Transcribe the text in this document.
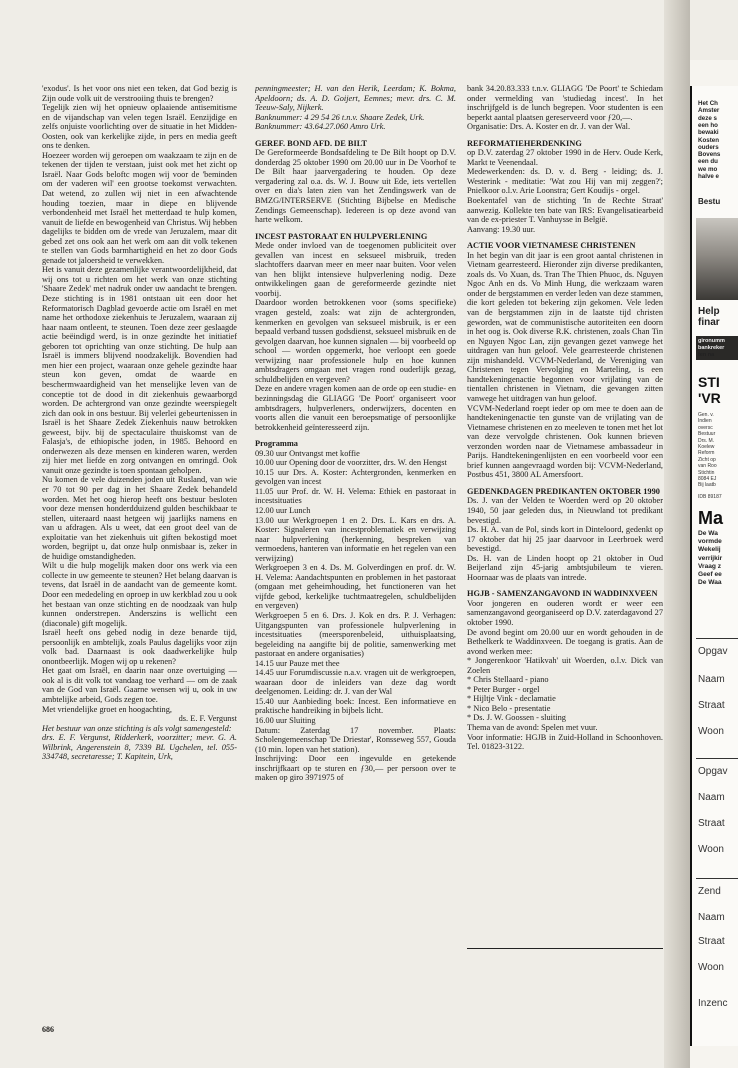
'exodus'. Is het voor ons niet een teken, dat God bezig is Zijn oude volk uit de verstrooiing thuis te brengen?

Tegelijk zien wij het opnieuw oplaaiende antisemitisme en de vijandschap van velen tegen Israël. Eenzijdige en zelfs onjuiste voorlichting over de situatie in het Midden-Oosten, ook van kerkelijke zijde, in pers en media geeft ons te denken.

Hoezeer worden wij geroepen om waakzaam te zijn en de tekenen der tijden te verstaan, juist ook met het zicht op Israël. Naar Gods beloftc mogen wij voor de 'beminden om der vaderen wil' een grootse toekomst verwachten. Dat wetend, zo zullen wij niet in een afwachtende houding toezien, maar in diepe en blijvende verbondenheid met Israël het metterdaad te hulp komen, vanuit de liefde en bewogenheid van Christus. Wij hebben dagelijks te bidden om de vrede van Jeruzalem, maar dit gebed zet ons ook aan het werk om aan dit volk tekenen te stellen van Gods barmhartigheid en het zo door Gods genade tot jaloersheid te verwekken.

Het is vanuit deze gezamenlijke verantwoordelijkheid, dat wij ons tot u richten om het werk van onze stichting 'Shaare Zedek' met nadruk onder uw aandacht te brengen. Deze stichting is in 1981 ontstaan uit een door het Reformatorisch Dagblad gevoerde actie om Israël en met name het orthodoxe ziekenhuis te Jeruzalem, waaraan zij haar naam ontleent, te steunen. Toen deze zeer geslaagde actie beëindigd werd, is in onze gezindte het initiatief geboren tot oprichting van onze stichting. De hulp aan Israël is immers blijvend noodzakelijk. Bovendien had men hier een project, waaraan onze gehele gezindte haar steun kon geven, omdat de waarde en beschermwaardigheid van het menselijke leven van de conceptie tot de dood in dit ziekenhuis gewaarborgd worden. De achtergrond van onze gezindte weerspiegelt zich dan ook in ons bestuur. Bij velerlei gebeurtenissen in Israël is het Shaare Zedek Ziekenhuis nauw betrokken geweest, bijv. bij de spectaculaire thuiskomst van de Falasja's, de ethiopische joden, in 1985. Behoord en onderwezen als deze mensen en kinderen waren, werden zij hier met liefde en zorg ontvangen en omringd. Ook vanuit onze gezindte is toen spontaan geholpen.

Nu komen de vele duizenden joden uit Rusland, van wie er 70 tot 90 per dag in het Shaare Zedek behandeld worden. Met het oog hierop heeft ons bestuur besloten voor deze mensen honderdduizend gulden beschikbaar te stellen, uiteraard naast hetgeen wij jaarlijks namens en van u afdragen. Als u weet, dat een groot deel van de exploitatie van het ziekenhuis uit giften bekostigd moet worden, begrijpt u, dat onze hulp onmisbaar is, zeker in de huidige omstandigheden.

Wilt u die hulp mogelijk maken door ons werk via een collecte in uw gemeente te steunen? Het belang daarvan is tevens, dat Israël in de aandacht van de gemeente komt. Door een mededeling en oproep in uw kerkblad zou u ook het bestaan van onze stichting en de noodzaak van hulp kunnen onderstrepen. Anderszins is wellicht een (diaconale) gift mogelijk.

Israël heeft ons gebed nodig in deze benarde tijd, persoonlijk en ambtelijk, zoals Paulus dagelijks voor zijn volk bad. Daarnaast is ook daadwerkelijke hulp onontbeerlijk. Mogen wij op u rekenen?

Het gaat om Israël, en daarin naar onze overtuiging — ook al is dit volk tot vandaag toe verhard — om de zaak van de God van Israël. Gaarne wensen wij u, ook in uw ambtelijke arbeid, Gods zegen toe.

Met vriendelijke groet en hoogachting,

ds. E. F. Vergunst

Het bestuur van onze stichting is als volgt samengesteld:

drs. E. F. Vergunst, Ridderkerk, voorzitter; mevr. G. A. Wilbrink, Angerenstein 8, 7339 BL Ugchelen, tel. 055-334748, secretaresse; T. Kapitein, Urk,

penningmeester; H. van den Herik, Leerdam; K. Bokma, Apeldoorn; ds. A. D. Goijert, Eemnes; mevr. drs. C. M. Teeuw-Saly, Nijkerk.

Banknummer: 4 29 54 26 t.n.v. Shaare Zedek, Urk.

Banknummer: 43.64.27.060 Amro Urk.

GEREF. BOND AFD. DE BILT

De Gereformeerde Bondsafdeling te De Bilt hoopt op D.V. donderdag 25 oktober 1990 om 20.00 uur in De Voorhof te De Bilt haar jaarvergadering te houden. Op deze vergadering zal o.a. ds. W. J. Bouw uit Ede, iets vertellen over en dia's laten zien van het Zendingswerk van de BMZG/INTERSERVE (Stichting Bijbelse en Medische Zendings Gemeenschap). Iedereen is op deze avond van harte welkom.

INCEST PASTORAAT EN HULPVERLENING

Mede onder invloed van de toegenomen publiciteit over gevallen van incest en seksueel misbruik, treden slachtoffers daarvan meer en meer naar buiten. Voor velen van hen blijkt intensieve hulpverlening nodig. Deze ontwikkelingen gaan de gereformeerde gezindte niet voorbij.

Daardoor worden betrokkenen voor (soms specifieke) vragen gesteld, zoals: wat zijn de achtergronden, kenmerken en gevolgen van seksueel misbruik, is er een bepaald verband tussen godsdienst, seksueel misbruik en de gevolgen daarvan, hoe kunnen signalen — bij voorbeeld op school — worden opgemerkt, hoe verloopt een goede verwijzing naar professionele hulp en hoe kunnen ambtsdragers omgaan met vragen rond ouderlijk gezag, schuldbelijden en vergeven?

Deze en andere vragen komen aan de orde op een studie- en bezinningsdag die GLIAGG 'De Poort' organiseert voor ambtsdragers, hulpverleners, onderwijzers, docenten en voorts allen die vanuit een beroepsmatige of persoonlijke betrokkenheid geïnteresseerd zijn.

Programma

09.30 uur Ontvangst met koffie

10.00 uur Opening door de voorzitter, drs. W. den Hengst

10.15 uur Drs. A. Koster: Achtergronden, kenmerken en gevolgen van incest

11.05 uur Prof. dr. W. H. Velema: Ethiek en pastoraat in incestsituaties

12.00 uur Lunch

13.00 uur Werkgroepen 1 en 2. Drs. L. Kars en drs. A. Koster: Signaleren van incestproblematiek en verwijzing naar hulpverlening (herkenning, bespreken van vermoedens, hanteren van informatie en het regelen van een verwijzing)

Werkgroepen 3 en 4. Ds. M. Golverdingen en prof. dr. W. H. Velema: Aandachtspunten en problemen in het pastoraat (omgaan met geheimhouding, het functioneren van het vijfde gebod, kerkelijke tuchtmaatregelen, schuldbelijden en vergeven)

Werkgroepen 5 en 6. Drs. J. Kok en drs. P. J. Verhagen: Uitgangspunten van professionele hulpverlening in incestsituaties (meersporenbeleid, uithuisplaatsing, begeleiding na aangifte bij de politie, samenwerking met pastoraat en andere organisaties)

14.15 uur Pauze met thee

14.45 uur Forumdiscussie n.a.v. vragen uit de werkgroepen, waaraan door de inleiders van deze dag wordt deelgenomen. Leiding: dr. J. van der Wal

15.40 uur Aanbieding boek: Incest. Een informatieve en praktische handreiking in bijbels licht.

16.00 uur Sluiting

Datum: Zaterdag 17 november. Plaats: Scholengemeenschap 'De Driestar', Ronsseweg 557, Gouda (10 min. lopen van het station).

Inschrijving: Door een ingevulde en getekende inschrijfkaart op te sturen en ƒ30,— per persoon over te maken op giro 3971975 of

bank 34.20.83.333 t.n.v. GLIAGG 'De Poort' te Schiedam onder vermelding van 'studiedag incest'. In het inschrijfgeld is de lunch begrepen. Voor studenten is een beperkt aantal plaatsen gereserveerd voor ƒ20,—.

Organisatie: Drs. A. Koster en dr. J. van der Wal.

REFORMATIEHERDENKING

op D.V. zaterdag 27 oktober 1990 in de Herv. Oude Kerk, Markt te Veenendaal.

Medewerkenden: ds. D. v. d. Berg - leiding; ds. J. Westerink - meditatie: 'Wat zou Hij van mij zeggen?'; Pnielkoor o.l.v. Arie Loonstra; Gert Koudijs - orgel.

Boekentafel van de stichting 'In de Rechte Straat' aanwezig. Kollekte ten bate van IRS: Evangelisatiearbeid van de ex-priester T. Vanhuysse in België.

Aanvang: 19.30 uur.

ACTIE VOOR VIETNAMESE CHRISTENEN

In het begin van dit jaar is een groot aantal christenen in Vietnam gearresteerd. Hieronder zijn diverse predikanten, zoals ds. Vo Xuan, ds. Tran The Thien Phuoc, ds. Nguyen Ngoc Anh en ds. Vo Minh Hung, die werkzaam waren onder de bergstammen en verder leden van deze stammen, die kort geleden tot bekering zijn gekomen. Vele leden van de bergstammen zijn in de laatste tijd christen geworden, wat de communistische autoriteiten een doorn in het oog is. Ook diverse R.K. christenen, zoals Chan Tin en Nguyen Ngoc Lan, zijn gevangen gezet vanwege het uitdragen van hun geloof. Vele gearresteerde christenen zijn mishandeld. VCVM-Nederland, de Vereniging van Christenen tegen Vervolging en Marteling, is een handtekeningenactie begonnen voor vrijlating van de tientallen christenen in Vietnam, die gevangen zitten vanwege het uitdragen van hun geloof.

VCVM-Nederland roept ieder op om mee te doen aan de handtekeningenactie ten gunste van de vrijlating van de Vietnamese christenen en zo meeleven te tonen met het lot van deze vervolgde christenen. Ook kunnen brieven verzonden worden naar de Vietnamese ambassadeur in Parijs. Handtekeningenlijsten en een voorbeeld voor een brief kunnen aangevraagd worden bij: VCVM-Nederland, Postbus 451, 3800 AL Amersfoort.

GEDENKDAGEN PREDIKANTEN OKTOBER 1990

Ds. J. van der Velden te Woerden werd op 20 oktober 1940, 50 jaar geleden dus, in Nieuwland tot predikant bevestigd.

Ds. H. A. van de Pol, sinds kort in Dinteloord, gedenkt op 17 oktober dat hij 25 jaar daarvoor in Leerbroek werd bevestigd.

Ds. H. van de Linden hoopt op 21 oktober in Oud Beijerland zijn 45-jarig ambtsjubileum te vieren. Hoornaar was de plaats van intrede.

HGJB - SAMENZANGAVOND IN WADDINXVEEN

Voor jongeren en ouderen wordt er weer een samenzangavond georganiseerd op D.V. zaterdagavond 27 oktober 1990.

De avond begint om 20.00 uur en wordt gehouden in de Bethelkerk te Waddinxveen. De toegang is gratis. Aan de avond werken mee:

* Jongerenkoor 'Hatikvah' uit Woerden, o.l.v. Dick van Zoelen

* Chris Stellaard - piano

* Peter Burger - orgel

* Hijltje Vink - declamatie

* Nico Belo - presentatie

* Ds. J. W. Goossen - sluiting

Thema van de avond: Spelen met vuur.

Voor informatie: HGJB in Zuid-Holland in Schoonhoven. Tel. 01823-3122.

686
Het Ch
Amster
deze s
een ho
bewaki
Kosten
ouders
Bovens
een du
we mo
halve e
Bestu
Help
finar
gironumm
bankreker
ten na
STI
'VR
Gen. v.
Indien
oversc
Bestuur
Drs. M.
Koelew
Reform
Zicht op
van Roo
Stichtin
8084 EJ
Bij laatb
IDB 89187
Ma
De Wa
vormde
Wekelij
verrijkir
Vraag z
Geef ee
De Waa
Opgav
Naam
Straat
Woon
Opgav
Naam
Straat
Woon
Zend
Naam
Straat
Woon
Inzenc
